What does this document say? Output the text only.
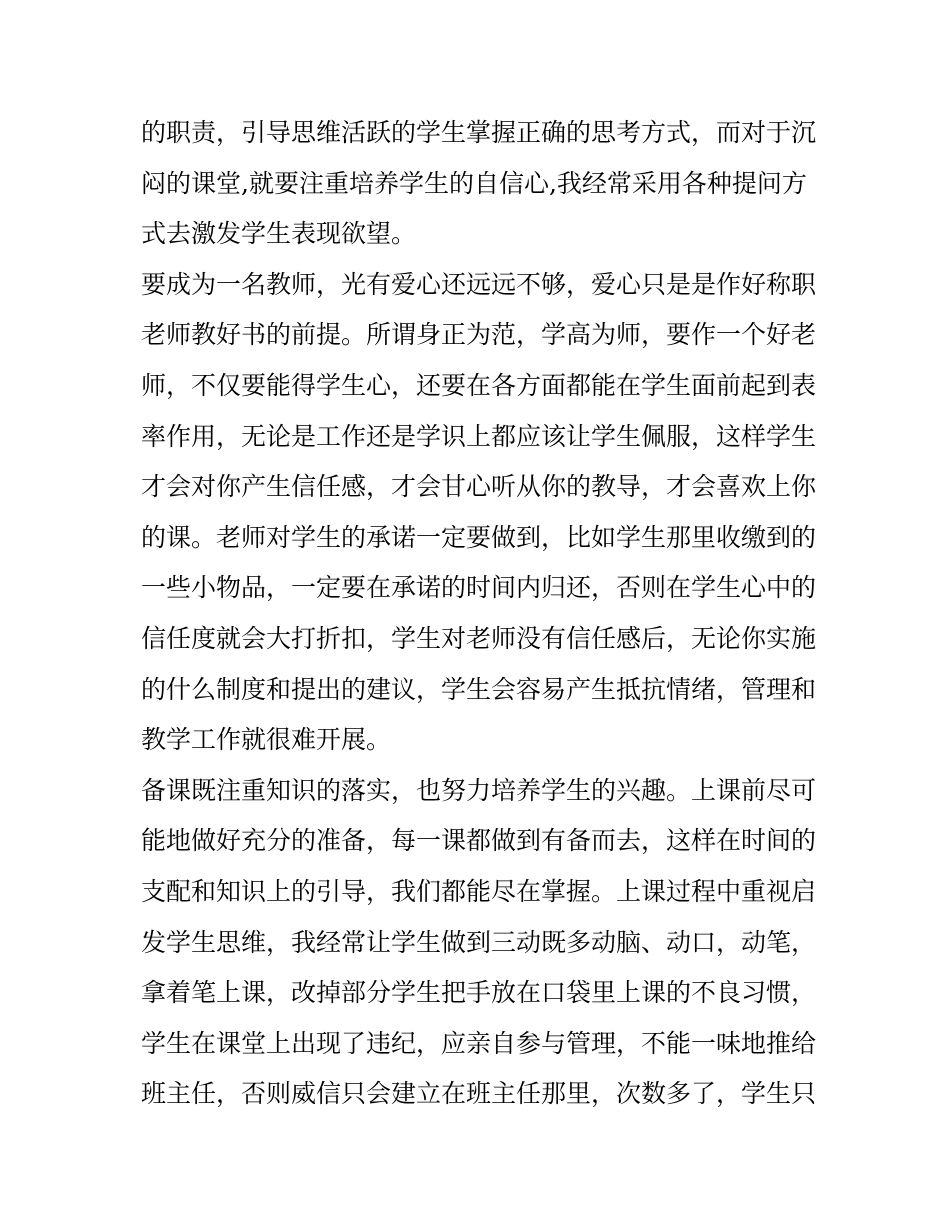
的职责，引导思维活跃的学生掌握正确的思考方式，而对于沉
闷的课堂,就要注重培养学生的自信心,我经常采用各种提问方
式去激发学生表现欲望。
要成为一名教师，光有爱心还远远不够，爱心只是是作好称职
老师教好书的前提。所谓身正为范，学高为师，要作一个好老
师，不仅要能得学生心，还要在各方面都能在学生面前起到表
率作用，无论是工作还是学识上都应该让学生佩服，这样学生
才会对你产生信任感，才会甘心听从你的教导，才会喜欢上你
的课。老师对学生的承诺一定要做到，比如学生那里收缴到的
一些小物品，一定要在承诺的时间内归还，否则在学生心中的
信任度就会大打折扣，学生对老师没有信任感后，无论你实施
的什么制度和提出的建议，学生会容易产生抵抗情绪，管理和
教学工作就很难开展。
备课既注重知识的落实，也努力培养学生的兴趣。上课前尽可
能地做好充分的准备，每一课都做到有备而去，这样在时间的
支配和知识上的引导，我们都能尽在掌握。上课过程中重视启
发学生思维，我经常让学生做到三动既多动脑、动口，动笔，
拿着笔上课，改掉部分学生把手放在口袋里上课的不良习惯，
学生在课堂上出现了违纪，应亲自参与管理，不能一味地推给
班主任，否则威信只会建立在班主任那里，次数多了，学生只
